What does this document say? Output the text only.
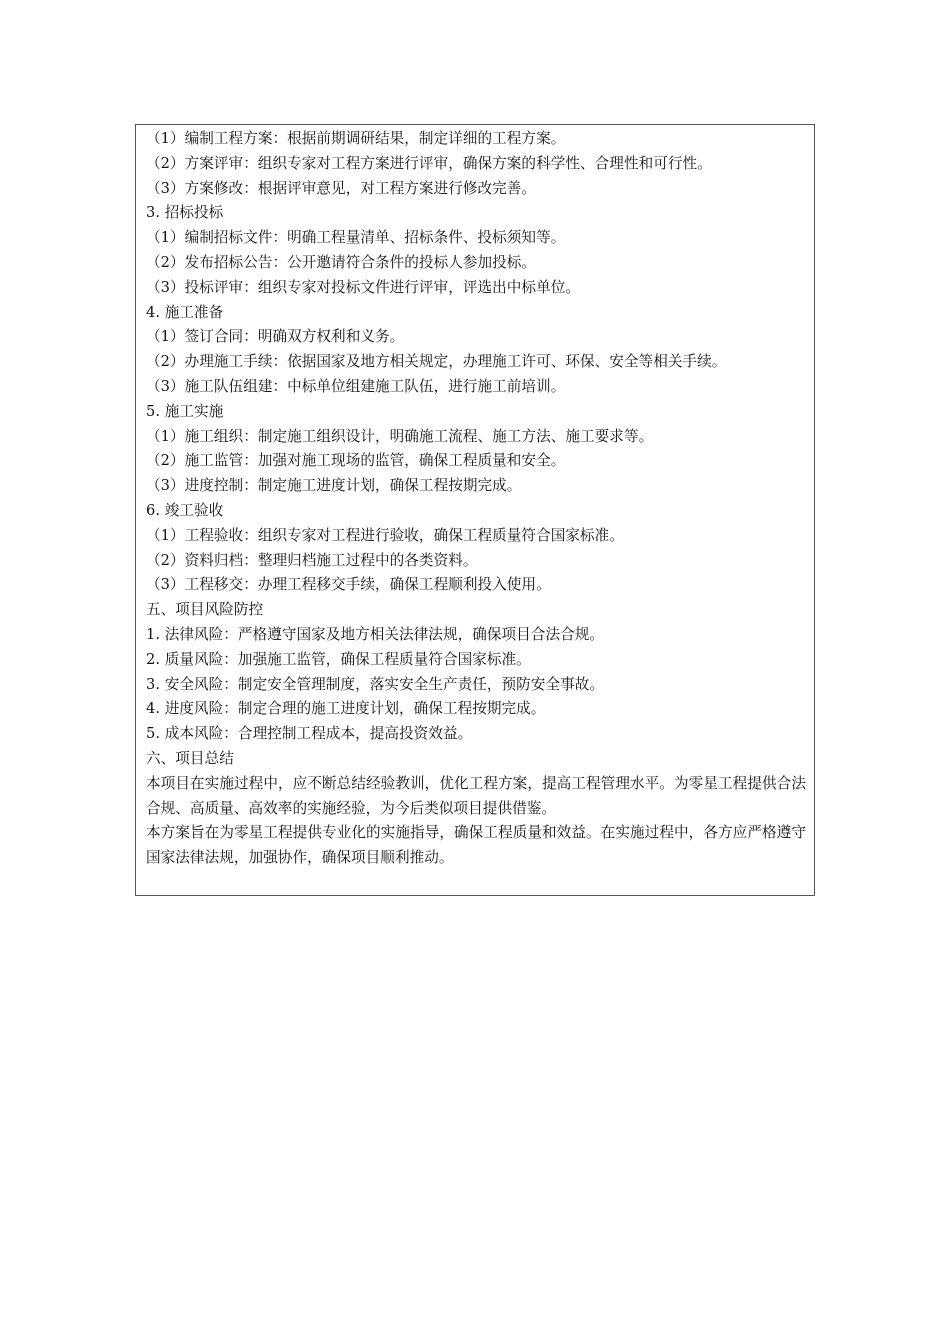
（1）编制工程方案：根据前期调研结果，制定详细的工程方案。
（2）方案评审：组织专家对工程方案进行评审，确保方案的科学性、合理性和可行性。
（3）方案修改：根据评审意见，对工程方案进行修改完善。
3. 招标投标
（1）编制招标文件：明确工程量清单、招标条件、投标须知等。
（2）发布招标公告：公开邀请符合条件的投标人参加投标。
（3）投标评审：组织专家对投标文件进行评审，评选出中标单位。
4. 施工准备
（1）签订合同：明确双方权利和义务。
（2）办理施工手续：依据国家及地方相关规定，办理施工许可、环保、安全等相关手续。
（3）施工队伍组建：中标单位组建施工队伍，进行施工前培训。
5. 施工实施
（1）施工组织：制定施工组织设计，明确施工流程、施工方法、施工要求等。
（2）施工监管：加强对施工现场的监管，确保工程质量和安全。
（3）进度控制：制定施工进度计划，确保工程按期完成。
6. 竣工验收
（1）工程验收：组织专家对工程进行验收，确保工程质量符合国家标准。
（2）资料归档：整理归档施工过程中的各类资料。
（3）工程移交：办理工程移交手续，确保工程顺利投入使用。
五、项目风险防控
1. 法律风险：严格遵守国家及地方相关法律法规，确保项目合法合规。
2. 质量风险：加强施工监管，确保工程质量符合国家标准。
3. 安全风险：制定安全管理制度，落实安全生产责任，预防安全事故。
4. 进度风险：制定合理的施工进度计划，确保工程按期完成。
5. 成本风险：合理控制工程成本，提高投资效益。
六、项目总结
本项目在实施过程中，应不断总结经验教训，优化工程方案，提高工程管理水平。为零星工程提供合法合规、高质量、高效率的实施经验，为今后类似项目提供借鉴。
本方案旨在为零星工程提供专业化的实施指导，确保工程质量和效益。在实施过程中，各方应严格遵守国家法律法规，加强协作，确保项目顺利推动。
